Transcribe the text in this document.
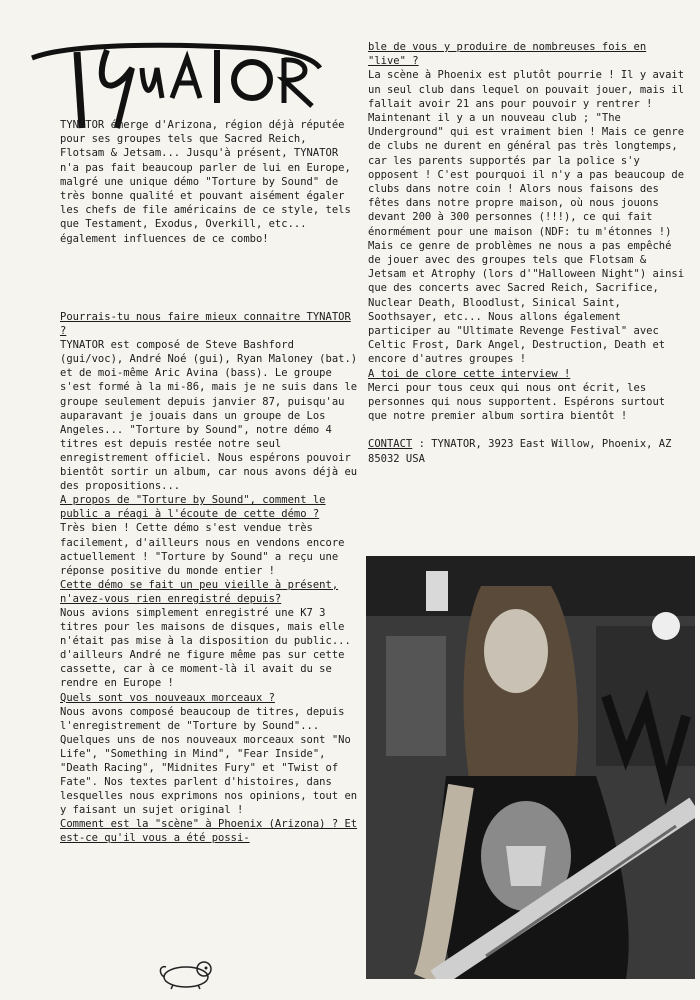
TYNATOR émerge d'Arizona, région déjà réputée pour ses groupes tels que Sacred Reich, Flotsam & Jetsam... Jusqu'à présent, TYNATOR n'a pas fait beaucoup parler de lui en Europe, malgré une unique démo "Torture by Sound" de très bonne qualité et pouvant aisément égaler les chefs de file américains de ce style, tels que Testament, Exodus, Overkill, etc... également influences de ce combo!

Pourrais-tu nous faire mieux connaitre TYNATOR ?

TYNATOR est composé de Steve Bashford (gui/voc), André Noé (gui), Ryan Maloney (bat.) et de moi-même Aric Avina (bass). Le groupe s'est formé à la mi-86, mais je ne suis dans le groupe seulement depuis janvier 87, puisqu'au auparavant je jouais dans un groupe de Los Angeles... "Torture by Sound", notre démo 4 titres est depuis restée notre seul enregistrement officiel. Nous espérons pouvoir bientôt sortir un album, car nous avons déjà eu des propositions...

A propos de "Torture by Sound", comment le public a réagi à l'écoute de cette démo ?

Très bien ! Cette démo s'est vendue très facilement, d'ailleurs nous en vendons encore actuellement ! "Torture by Sound" a reçu une réponse positive du monde entier !

Cette démo se fait un peu vieille à présent, n'avez-vous rien enregistré depuis?

Nous avions simplement enregistré une K7 3 titres pour les maisons de disques, mais elle n'était pas mise à la disposition du public... d'ailleurs André ne figure même pas sur cette cassette, car à ce moment-là il avait du se rendre en Europe !

Quels sont vos nouveaux morceaux ?

Nous avons composé beaucoup de titres, depuis l'enregistrement de "Torture by Sound"... Quelques uns de nos nouveaux morceaux sont "No Life", "Something in Mind", "Fear Inside", "Death Racing", "Midnites Fury" et "Twist of Fate". Nos textes parlent d'histoires, dans lesquelles nous exprimons nos opinions, tout en y faisant un sujet original !

Comment est la "scène" à Phoenix (Arizona) ? Et est-ce qu'il vous a été possi-

ble de vous y produire de nombreuses fois en "live" ?

La scène à Phoenix est plutôt pourrie ! Il y avait un seul club dans lequel on pouvait jouer, mais il fallait avoir 21 ans pour pouvoir y rentrer ! Maintenant il y a un nouveau club ; "The Underground" qui est vraiment bien ! Mais ce genre de clubs ne durent en général pas très longtemps, car les parents supportés par la police s'y opposent ! C'est pourquoi il n'y a pas beaucoup de clubs dans notre coin ! Alors nous faisons des fêtes dans notre propre maison, où nous jouons devant 200 à 300 personnes (!!!), ce qui fait énormément pour une maison (NDF: tu m'étonnes !) Mais ce genre de problèmes ne nous a pas empêché de jouer avec des groupes tels que Flotsam & Jetsam et Atrophy (lors d'"Halloween Night") ainsi que des concerts avec Sacred Reich, Sacrifice, Nuclear Death, Bloodlust, Sinical Saint, Soothsayer, etc... Nous allons également participer au "Ultimate Revenge Festival" avec Celtic Frost, Dark Angel, Destruction, Death et encore d'autres groupes !

A toi de clore cette interview !

Merci pour tous ceux qui nous ont écrit, les personnes qui nous supportent. Espérons surtout que notre premier album sortira bientôt !

CONTACT : TYNATOR, 3923 East Willow, Phoenix, AZ 85032 USA
